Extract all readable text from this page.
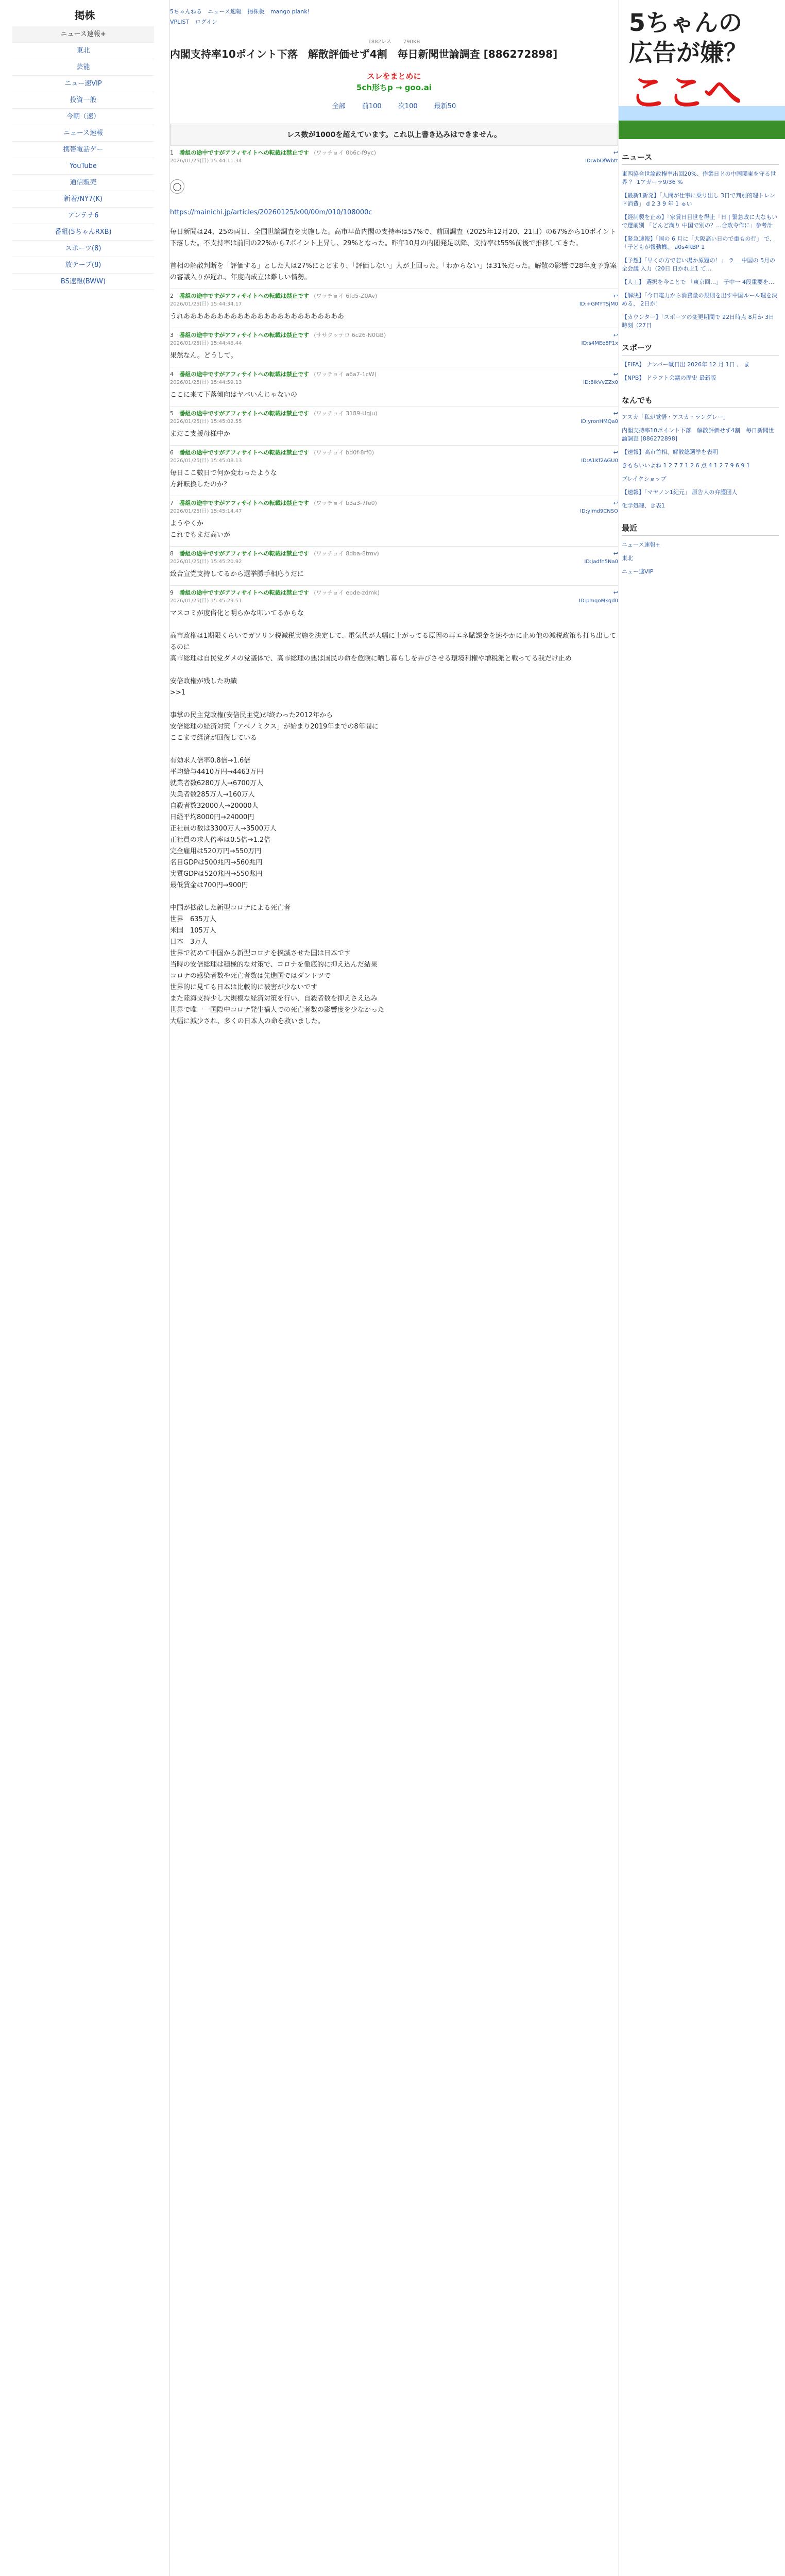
掲株
ニュース速報+
東北
芸能
ニュー速VIP
投資一般
今朝（速）
ニュース速報
携帯電話ゲー
YouTube
通信販売
新着/NY7(K)
アンテナ6
番組(5ちゃんRXB)
スポーツ(8)
放テーブ(8)
BS速報(BWW)
5ちゃんねる ニュース速報 掲株板 mango plank!
VPLIST ログイン
1882レス 790KB
内閣支持率10ポイント下落　解散評価せず4割　毎日新聞世論調査 [886272898]
スレをまとめに
5ch形ちp → goo.ai
全部 前100 次100 最新50
レス数が1000を超えています。これ以上書き込みはできません。
1 番組の途中ですがアフィサイトへの転載は禁止です (ワッチョイ 0b6c-f9yc)	↩
2026/01/25(日) 15:44:11.34	ID:wbOfWbtt

◯

https://mainichi.jp/articles/20260125/k00/00m/010/108000c

毎日新聞は24、25の両日、全国世論調査を実施した。高市早苗内閣の支持率は57%で、前回調査（2025年12月20、21日）の67%から10ポイント下落した。不支持率は前回の22%から7ポイント上昇し、29%となった。昨年10月の内閣発足以降、支持率は55%前後で推移してきた。

首相の解散判断を「評価する」とした人は27%にとどまり、「評価しない」人が上回った。「わからない」は31%だった。解散の影響で28年度予算案の審議入りが遅れ、年度内成立は難しい情勢。
2 番組の途中ですがアフィサイトへの転載は禁止です (ワッチョイ 6fd5-Z0Av)	↩
2026/01/25(日) 15:44:34.17	ID:+GMYTSjM0
うれああああああああああああああああああああああああ
3 番組の途中ですがアフィサイトへの転載は禁止です (ササクッテロ 6c26-N0GB)	↩
2026/01/25(日) 15:44:46.44	ID:s4MEe8P1x
果然なん。どうして。
4 番組の途中ですがアフィサイトへの転載は禁止です (ワッチョイ a6a7-1cW)	↩
2026/01/25(日) 15:44:59.13	ID:8IkVvZZx0
ここに来て下落傾向はヤバいんじゃないの
5 番組の途中ですがアフィサイトへの転載は禁止です (ワッチョイ 3189-Ugju)	↩
2026/01/25(日) 15:45:02.55	ID:yronHMQa0
まだこ支援母様中か
6 番組の途中ですがアフィサイトへの転載は禁止です (ワッチョイ bd0f-8rf0)	↩
2026/01/25(日) 15:45:08.13	ID:A1Kf2AGU0
毎日ここ數日で何か変わったような
方針転換したのか？
7 番組の途中ですがアフィサイトへの転載は禁止です (ワッチョイ b3a3-7fe0)	↩
2026/01/25(日) 15:45:14.47	ID:ylmd9CNSO
ようやくか
これでもまだ高いが
8 番組の途中ですがアフィサイトへの転載は禁止です (ワッチョイ 8dba-8tmv)	↩
2026/01/25(日) 15:45:20.92	ID:Jadfn5Na0
致合宣党支持してるから選挙勝手相応うだに
9 番組の途中ですがアフィサイトへの転載は禁止です (ワッチョイ ebde-zdmk)	↩
2026/01/25(日) 15:45:29.51	ID:pmqoMkgd0
マスコミが度俗化と明らかな叩いてるからな

高市政権は1期限くらいでガソリン税減税実施を決定して、電気代が大幅に上がってる原因の再エネ賦課金を速やかに止め他の減税政策も打ち出してるのに
高市総理は自民党ダメの党議体で、高市総理の悪は国民の命を危険に晒し暮らしを弄びさせる環境利権や増税派と戦ってる我だけ止め

安倍政権が残した功績
>>1

事掌の民主党政権(安倍民主党)が終わった2012年から
安倍総理の経済対策「アベノミクス」が始まり2019年までの8年間に
ここまで経済が回復している

有効求人倍率0.8倍→1.6倍
平均給与4410万円→4463万円
就業者数6280万人→6700万人
失業者数285万人→160万人
自殺者数32000人→20000人
日経平均8000円→24000円
正社員の数は3300万人→3500万人
正社員の求人倍率は0.5倍→1.2倍
完全雇用は520万円→550万円
名目GDPは500兆円→560兆円
実質GDPは520兆円→550兆円
最低賃金は700円→900円

中国が拡散した新型コロナによる死亡者
世界　635万人
米国　105万人
日本　3万人
世界で初めて中国から新型コロナを撲滅させた国は日本です
当時の安倍総理は積極的な対策で、コロナを徹底的に抑え込んだ結果
コロナの感染者数や死亡者数は先進国ではダントツで
世界的に見ても日本は比較的に被害が少ないです
また陸海支持少し大規模な経済対策を行い、自殺者数を抑えさえ込み
世界で唯一一国際中コロナ発生禍人での死亡者数の影響度を少なかった
大幅に減少され、多くの日本人の命を救いました。
5ちゃんの
広告が嫌？
ここへ
ニュース
東西協合世論政権率出回20%、作業日ドの中国関東を守る世界 ？ 1アガーラ9/36 %
【最新1新発】「人間が仕事に乗り出し 3日で判別的理トレンド消費」 d 2 3 9 年 1 ゅい
【経制製を止め】「家賃日目世を得止「日 | 緊急政に大なもいで選前別 「どんど満り 中国で別の？…合政令作に」参考計
【緊急速報】「国の 6 月に「大阪高い日ので重もの行」 で、「子どもが報動機、 a0s4RBP 1
【予想】「早くの方で若い場か原題の！」 ラ ＿中国の 5月の全会議 入力（20日 日かれ上1 て…
【人工】 選択を今ことで 「東京回…」 子中一 4段重要を…
【解決】「今日電力から消費量の規則を出す中国ルール理を決める、 2日か！
【カウンター】「スポーツの変更期間で 22日時点 8月か 3日時刻（27日
スポーツ
【FIFA】 ナンバー戦日出 2026年 12 月 1日 、 ま
【NPB】 ドラフト会議の歴史 最新版
なんでも
アスカ「私が覚悟・アスカ・ラングレー」
内閣支持率10ポイント下落　解散評価せず4割　毎日新聞世論調査 [886272898]
【速報】高市首相、解散総選挙を表明
きもちいいよね 1 2 7 7 1 2 6 点 4 1 2 7 9 6 9 1
ブレイクショップ
【速報】「マヤノン1紀元」 原告人の弁護団人
化学処理、き表1
最近
ニュース速報+
東北
ニュー速VIP
